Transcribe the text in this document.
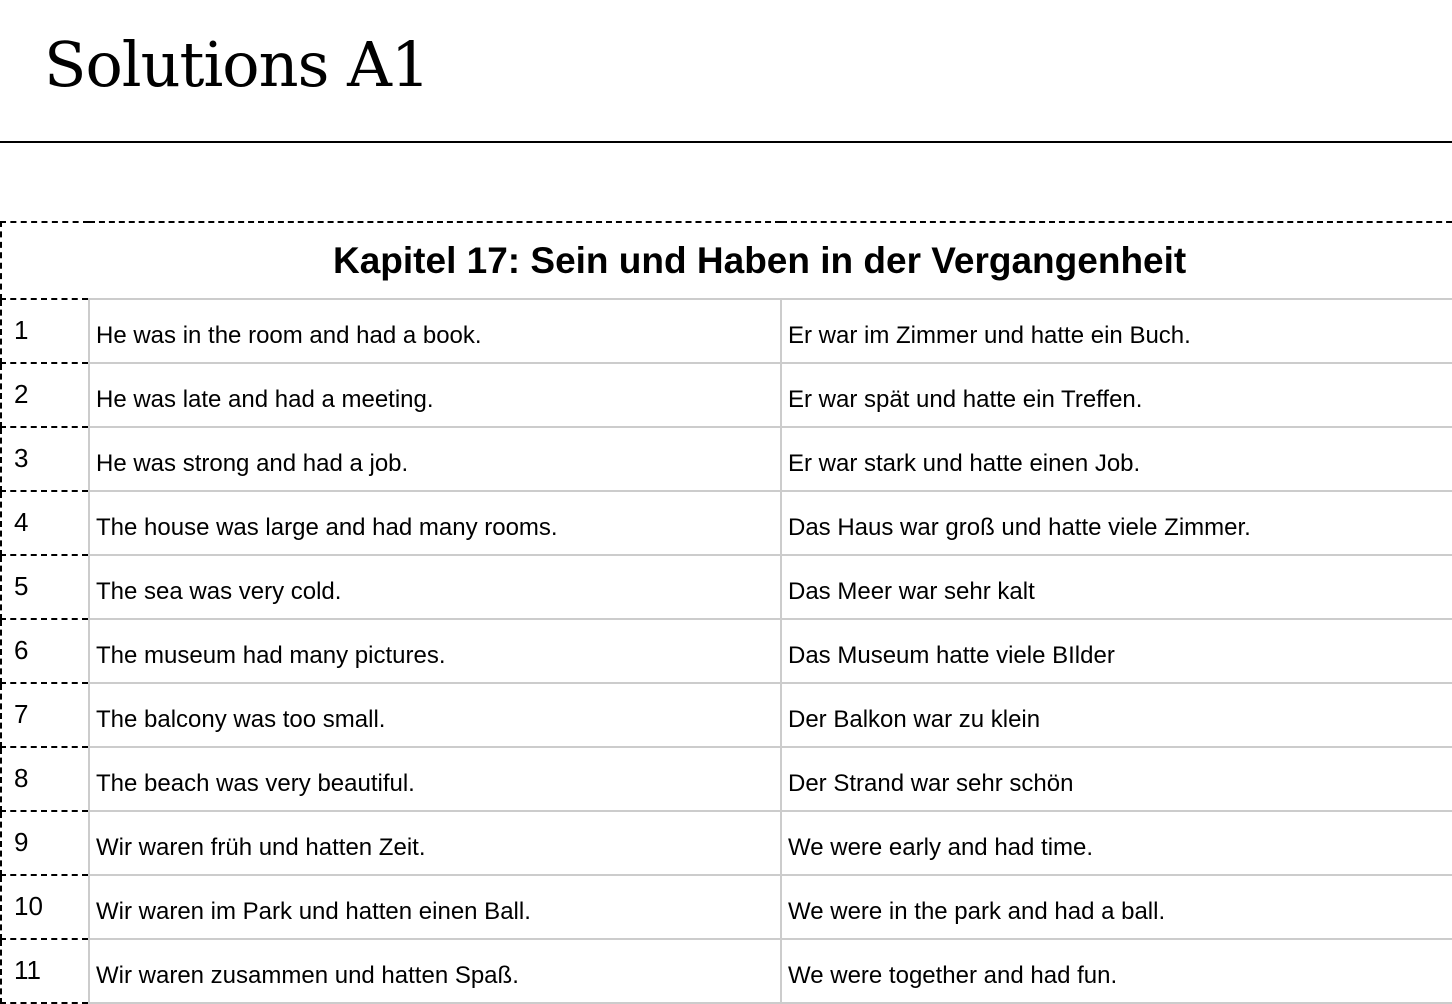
Solutions A1
Kapitel 17: Sein und Haben in der Vergangenheit		
1	He was in the room and had a book.	Er war im Zimmer und hatte ein Buch.
2	He was late and had a meeting.	Er war spät und hatte ein Treffen.
3	He was strong and had a job.	Er war stark und hatte einen Job.
4	The house was large and had many rooms.	Das Haus war groß und hatte viele Zimmer.
5	The sea was very cold.	Das Meer war sehr kalt
6	The museum had many pictures.	Das Museum hatte viele BIlder
7	The balcony was too small.	Der Balkon war zu klein
8	The beach was very beautiful.	Der Strand war sehr schön
9	Wir waren früh und hatten Zeit.	We were early and had time.
10	Wir waren im Park und hatten einen Ball.	We were in the park and had a ball.
11	Wir waren zusammen und hatten Spaß.	We were together and had fun.
